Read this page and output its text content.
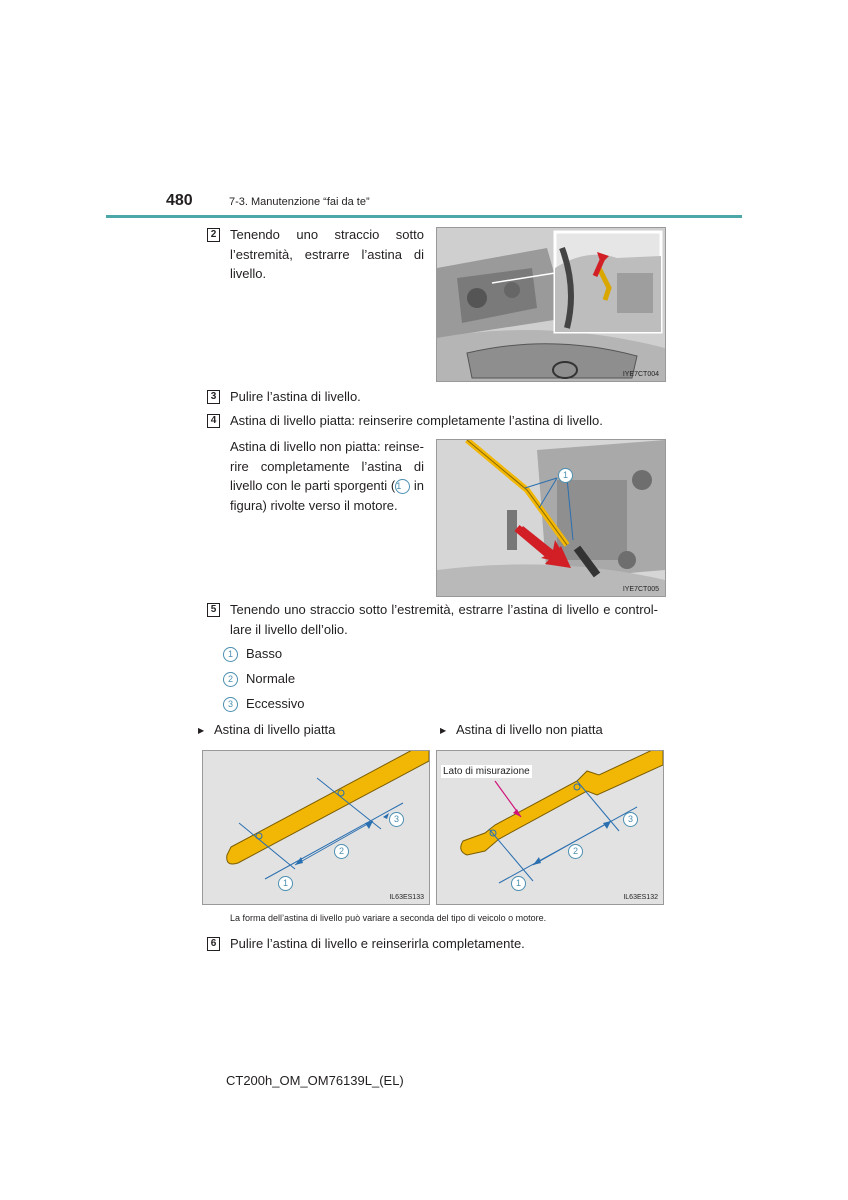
480	7-3. Manutenzione “fai da te”
2 Tenendo uno straccio sotto l’estremità, estrarre l’astina di livello.
IYE7CT004
3 Pulire l’astina di livello.
4 Astina di livello piatta: reinserire completamente l’astina di livello.
Astina di livello non piatta: reinse- rire completamente l’astina di livello con le parti sporgenti (1 in figura) rivolte verso il motore.
1
IYE7CT005
5 Tenendo uno straccio sotto l’estremità, estrarre l’astina di livello e control- lare il livello dell’olio.
1	Basso
2	Normale
3	Eccessivo
▶ Astina di livello piatta	▶ Astina di livello non piatta
1
2
3
IL63ES133
Lato di misurazione
1
2
3
IL63ES132
La forma dell’astina di livello può variare a seconda del tipo di veicolo o motore.
6 Pulire l’astina di livello e reinserirla completamente.
CT200h_OM_OM76139L_(EL)
